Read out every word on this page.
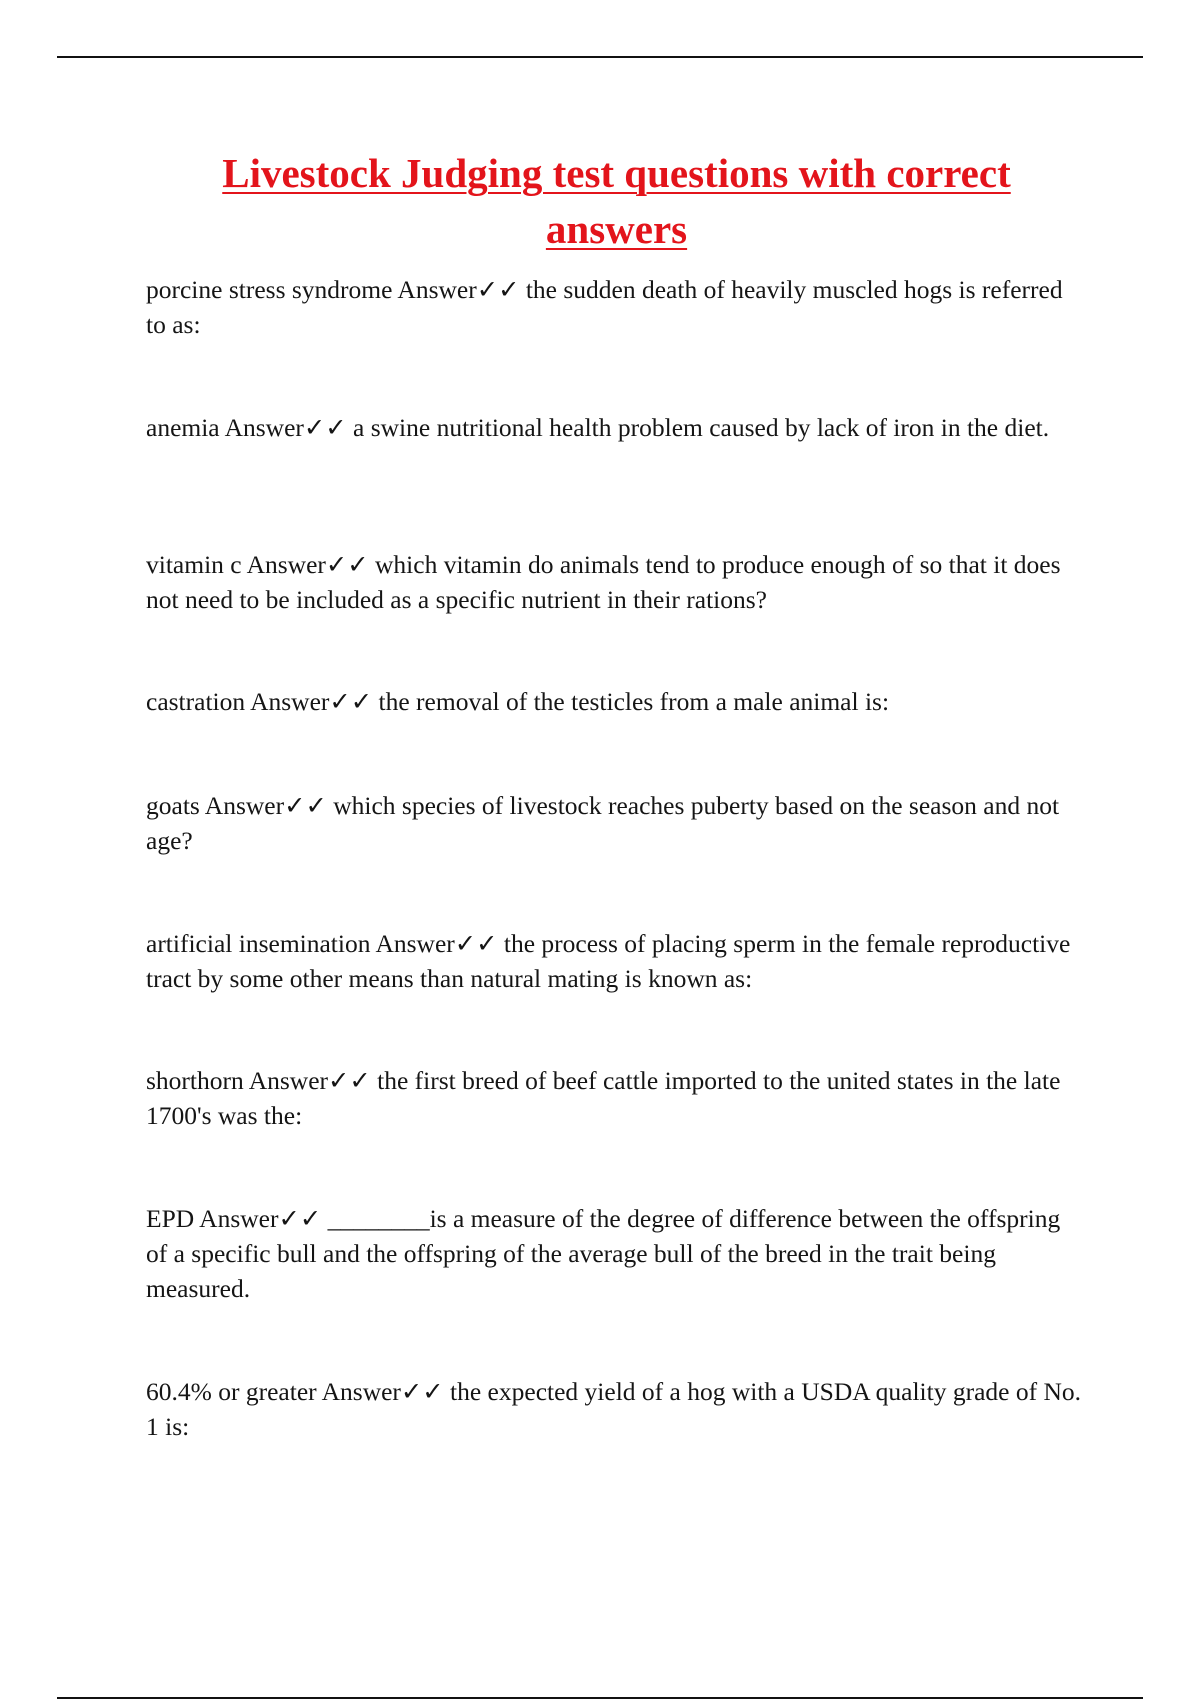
Livestock Judging test questions with correct answers

porcine stress syndrome Answer✓✓ the sudden death of heavily muscled hogs is referred to as:

anemia Answer✓✓ a swine nutritional health problem caused by lack of iron in the diet.

vitamin c Answer✓✓ which vitamin do animals tend to produce enough of so that it does not need to be included as a specific nutrient in their rations?

castration Answer✓✓ the removal of the testicles from a male animal is:

goats Answer✓✓ which species of livestock reaches puberty based on the season and not age?

artificial insemination Answer✓✓ the process of placing sperm in the female reproductive tract by some other means than natural mating is known as:

shorthorn Answer✓✓ the first breed of beef cattle imported to the united states in the late 1700's was the:

EPD Answer✓✓ ________is a measure of the degree of difference between the offspring of a specific bull and the offspring of the average bull of the breed in the trait being measured.

60.4% or greater Answer✓✓ the expected yield of a hog with a USDA quality grade of No. 1 is:
